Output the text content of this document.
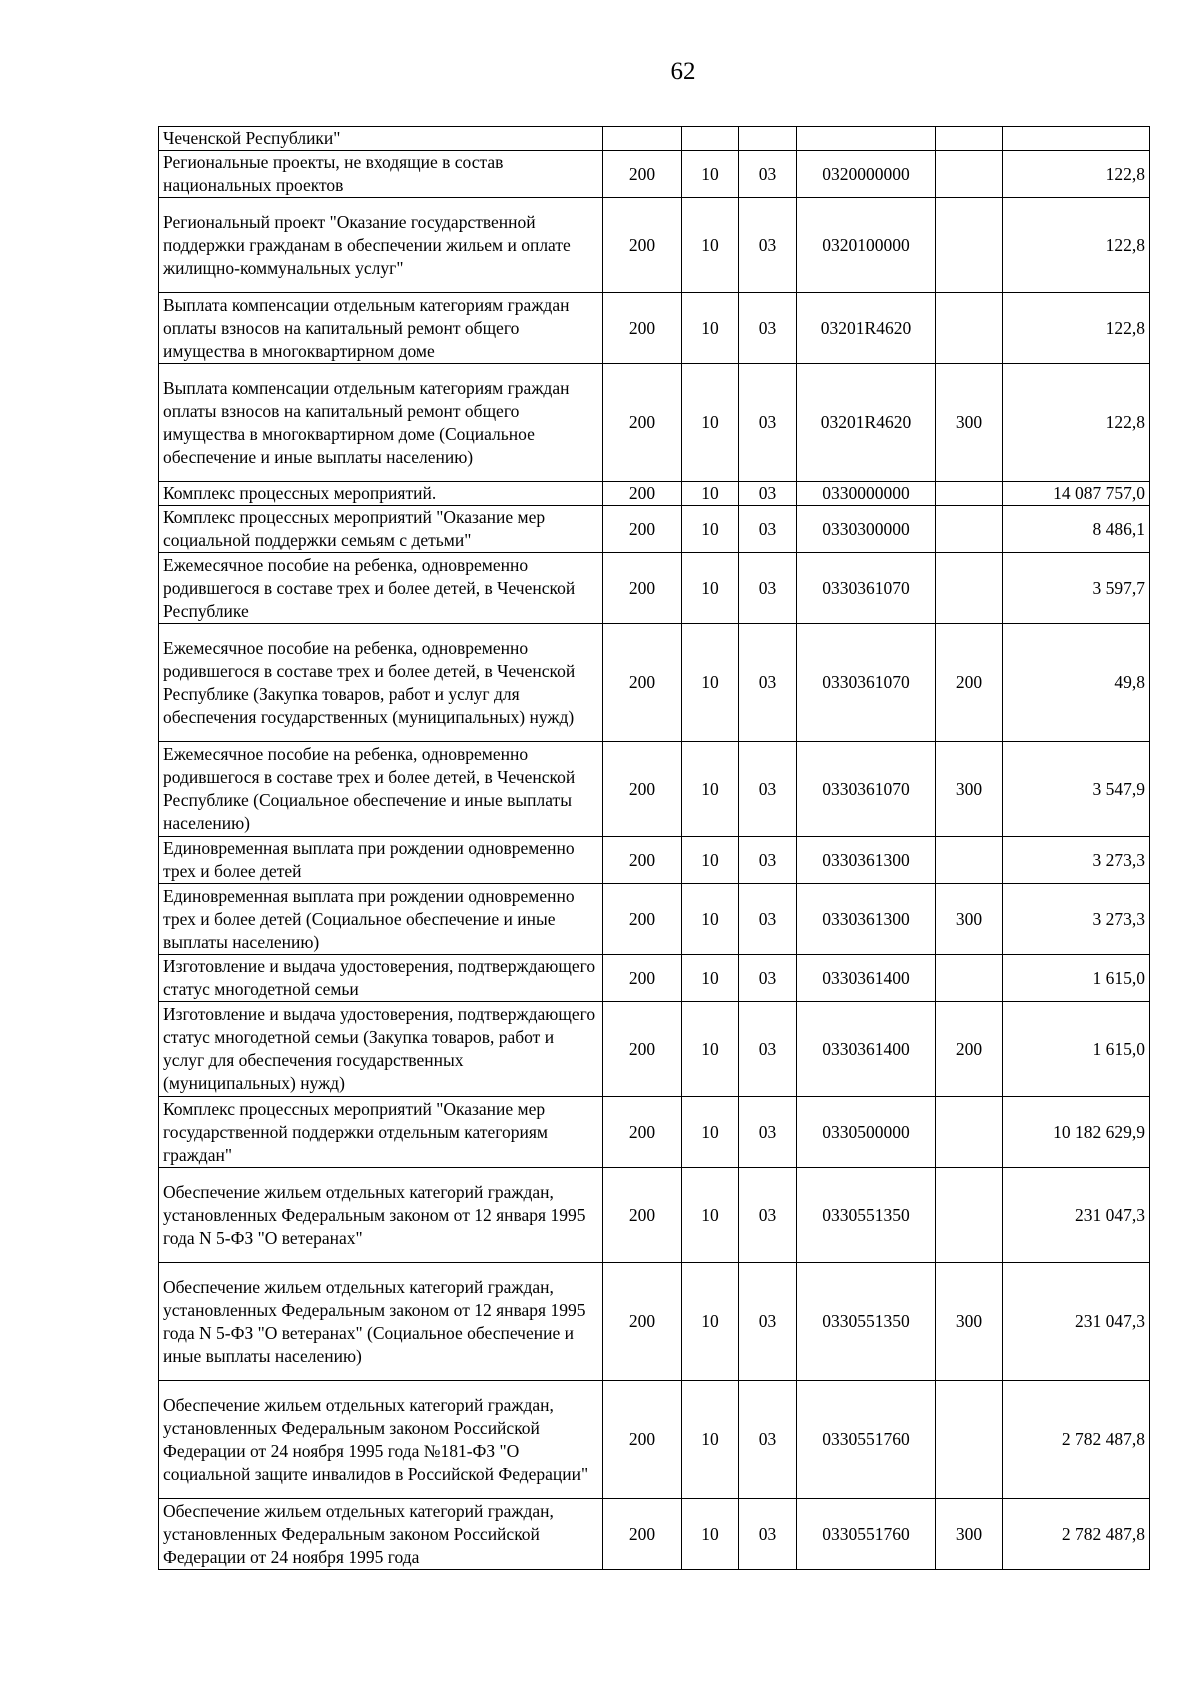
62
Чеченской Республики"						
Региональные проекты, не входящие в состав национальных проектов	200	10	03	0320000000		122,8
Региональный проект "Оказание государственной поддержки гражданам в обеспечении жильем и оплате жилищно-коммунальных услуг"	200	10	03	0320100000		122,8
Выплата компенсации отдельным категориям граждан оплаты взносов на капитальный ремонт общего имущества в многоквартирном доме	200	10	03	03201R4620		122,8
Выплата компенсации отдельным категориям граждан оплаты взносов на капитальный ремонт общего имущества в многоквартирном доме (Социальное обеспечение и иные выплаты населению)	200	10	03	03201R4620	300	122,8
Комплекс процессных мероприятий.	200	10	03	0330000000		14 087 757,0
Комплекс процессных мероприятий "Оказание мер социальной поддержки семьям с детьми"	200	10	03	0330300000		8 486,1
Ежемесячное пособие на ребенка, одновременно родившегося в составе трех и более детей, в Чеченской Республике	200	10	03	0330361070		3 597,7
Ежемесячное пособие на ребенка, одновременно родившегося в составе трех и более детей, в Чеченской Республике (Закупка товаров, работ и услуг для обеспечения государственных (муниципальных) нужд)	200	10	03	0330361070	200	49,8
Ежемесячное пособие на ребенка, одновременно родившегося в составе трех и более детей, в Чеченской Республике (Социальное обеспечение и иные выплаты населению)	200	10	03	0330361070	300	3 547,9
Единовременная выплата при рождении одновременно трех и более детей	200	10	03	0330361300		3 273,3
Единовременная выплата при рождении одновременно трех и более детей (Социальное обеспечение и иные выплаты населению)	200	10	03	0330361300	300	3 273,3
Изготовление и выдача удостоверения, подтверждающего статус многодетной семьи	200	10	03	0330361400		1 615,0
Изготовление и выдача удостоверения, подтверждающего статус многодетной семьи (Закупка товаров, работ и услуг для обеспечения государственных (муниципальных) нужд)	200	10	03	0330361400	200	1 615,0
Комплекс процессных мероприятий "Оказание мер государственной поддержки отдельным категориям граждан"	200	10	03	0330500000		10 182 629,9
Обеспечение жильем отдельных категорий граждан, установленных Федеральным законом от 12 января 1995 года N 5-ФЗ "О ветеранах"	200	10	03	0330551350		231 047,3
Обеспечение жильем отдельных категорий граждан, установленных Федеральным законом от 12 января 1995 года N 5-ФЗ "О ветеранах" (Социальное обеспечение и иные выплаты населению)	200	10	03	0330551350	300	231 047,3
Обеспечение жильем отдельных категорий граждан, установленных Федеральным законом Российской Федерации от 24 ноября 1995 года №181-ФЗ "О социальной защите инвалидов в Российской Федерации"	200	10	03	0330551760		2 782 487,8
Обеспечение жильем отдельных категорий граждан, установленных Федеральным законом Российской Федерации от 24 ноября 1995 года	200	10	03	0330551760	300	2 782 487,8
